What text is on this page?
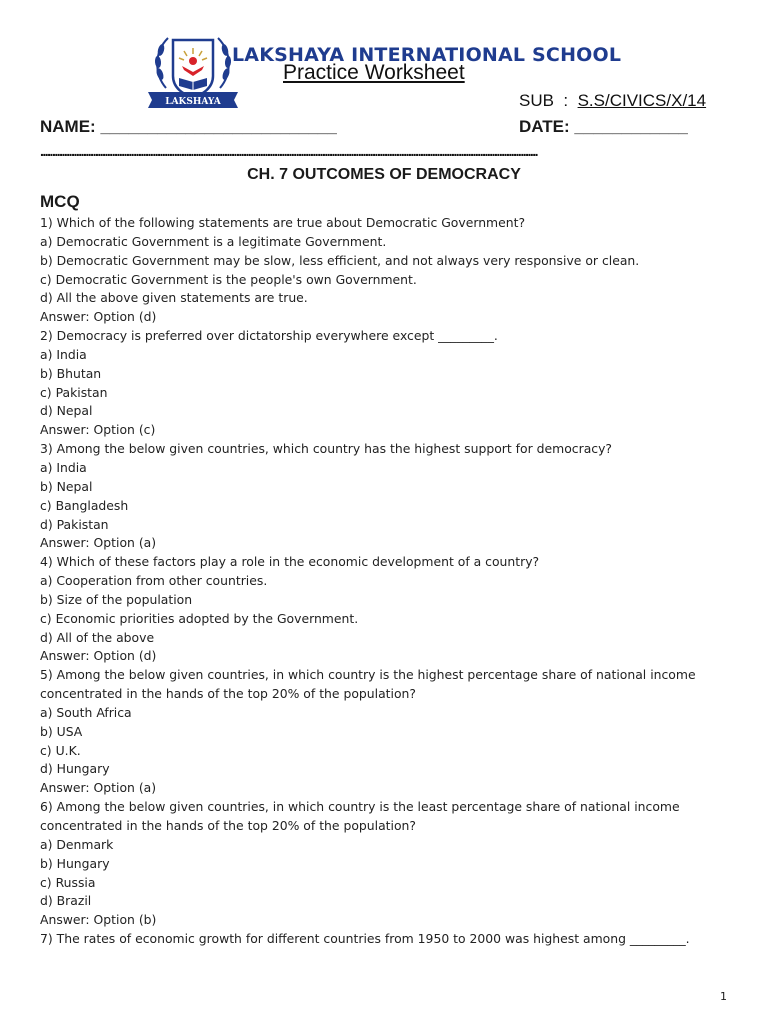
LAKSHAYA
LAKSHAYA INTERNATIONAL SCHOOL
Practice Worksheet
SUB  :  S.S/CIVICS/X/14
NAME: _________________________	DATE: ____________
................................................................................................................................................................................................................
CH. 7 OUTCOMES OF DEMOCRACY
MCQ
1) Which of the following statements are true about Democratic Government?
a) Democratic Government is a legitimate Government.
b) Democratic Government may be slow, less efficient, and not always very responsive or clean.
c) Democratic Government is the people's own Government.
d) All the above given statements are true.
Answer: Option (d)
2) Democracy is preferred over dictatorship everywhere except _________.
a) India
b) Bhutan
c) Pakistan
d) Nepal
Answer: Option (c)
3) Among the below given countries, which country has the highest support for democracy?
a) India
b) Nepal
c) Bangladesh
d) Pakistan
Answer: Option (a)
4) Which of these factors play a role in the economic development of a country?
a) Cooperation from other countries.
b) Size of the population
c) Economic priorities adopted by the Government.
d) All of the above
Answer: Option (d)
5) Among the below given countries, in which country is the highest percentage share of national income
concentrated in the hands of the top 20% of the population?
a) South Africa
b) USA
c) U.K.
d) Hungary
Answer: Option (a)
6) Among the below given countries, in which country is the least percentage share of national income
concentrated in the hands of the top 20% of the population?
a) Denmark
b) Hungary
c) Russia
d) Brazil
Answer: Option (b)
7) The rates of economic growth for different countries from 1950 to 2000 was highest among _________.
1
